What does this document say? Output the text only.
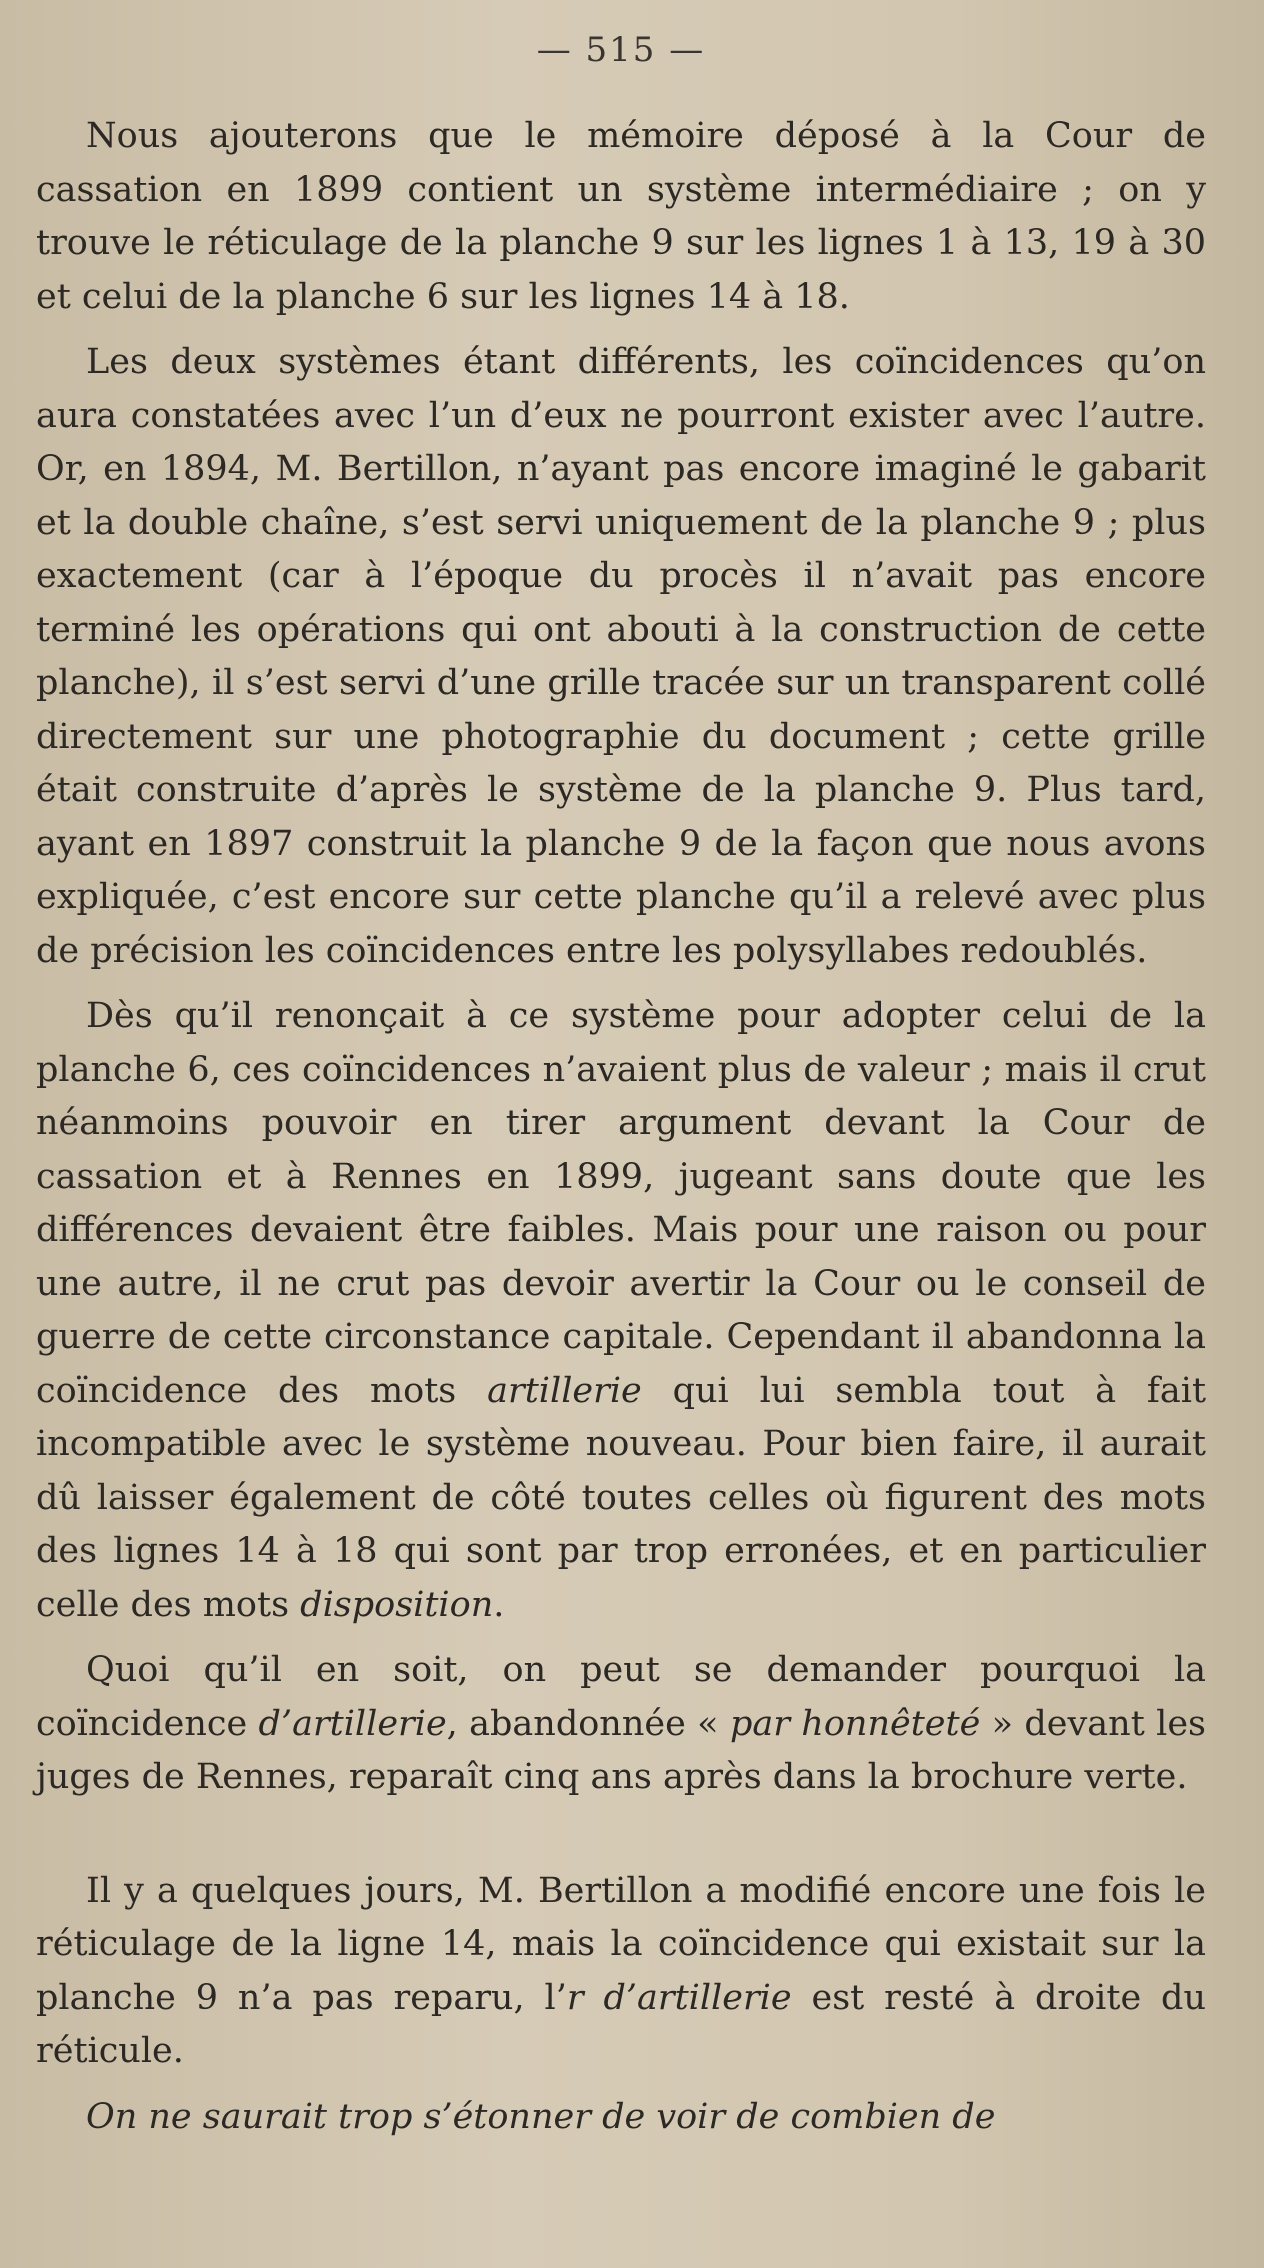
— 515 —

Nous ajouterons que le mémoire déposé à la Cour de cassation en 1899 contient un système intermédiaire ; on y trouve le réticulage de la planche 9 sur les lignes 1 à 13, 19 à 30 et celui de la planche 6 sur les lignes 14 à 18.

Les deux systèmes étant différents, les coïncidences qu’on aura constatées avec l’un d’eux ne pourront exister avec l’autre. Or, en 1894, M. Bertillon, n’ayant pas encore imaginé le gabarit et la double chaîne, s’est servi uniquement de la planche 9 ; plus exactement (car à l’époque du procès il n’avait pas encore terminé les opérations qui ont abouti à la construction de cette planche), il s’est servi d’une grille tracée sur un transparent collé directement sur une photographie du document ; cette grille était construite d’après le système de la planche 9. Plus tard, ayant en 1897 construit la planche 9 de la façon que nous avons expliquée, c’est encore sur cette planche qu’il a relevé avec plus de précision les coïncidences entre les polysyllabes redoublés.

Dès qu’il renonçait à ce système pour adopter celui de la planche 6, ces coïncidences n’avaient plus de valeur ; mais il crut néanmoins pouvoir en tirer argument devant la Cour de cassation et à Rennes en 1899, jugeant sans doute que les différences devaient être faibles. Mais pour une raison ou pour une autre, il ne crut pas devoir avertir la Cour ou le conseil de guerre de cette circonstance capitale. Cependant il abandonna la coïncidence des mots artillerie qui lui sembla tout à fait incompatible avec le système nouveau. Pour bien faire, il aurait dû laisser également de côté toutes celles où figurent des mots des lignes 14 à 18 qui sont par trop erronées, et en particulier celle des mots disposition.

Quoi qu’il en soit, on peut se demander pourquoi la coïncidence d’artillerie, abandonnée « par honnêteté » devant les juges de Rennes, reparaît cinq ans après dans la brochure verte.

Il y a quelques jours, M. Bertillon a modifié encore une fois le réticulage de la ligne 14, mais la coïncidence qui existait sur la planche 9 n’a pas reparu, l’r d’artillerie est resté à droite du réticule.

On ne saurait trop s’étonner de voir de combien de
